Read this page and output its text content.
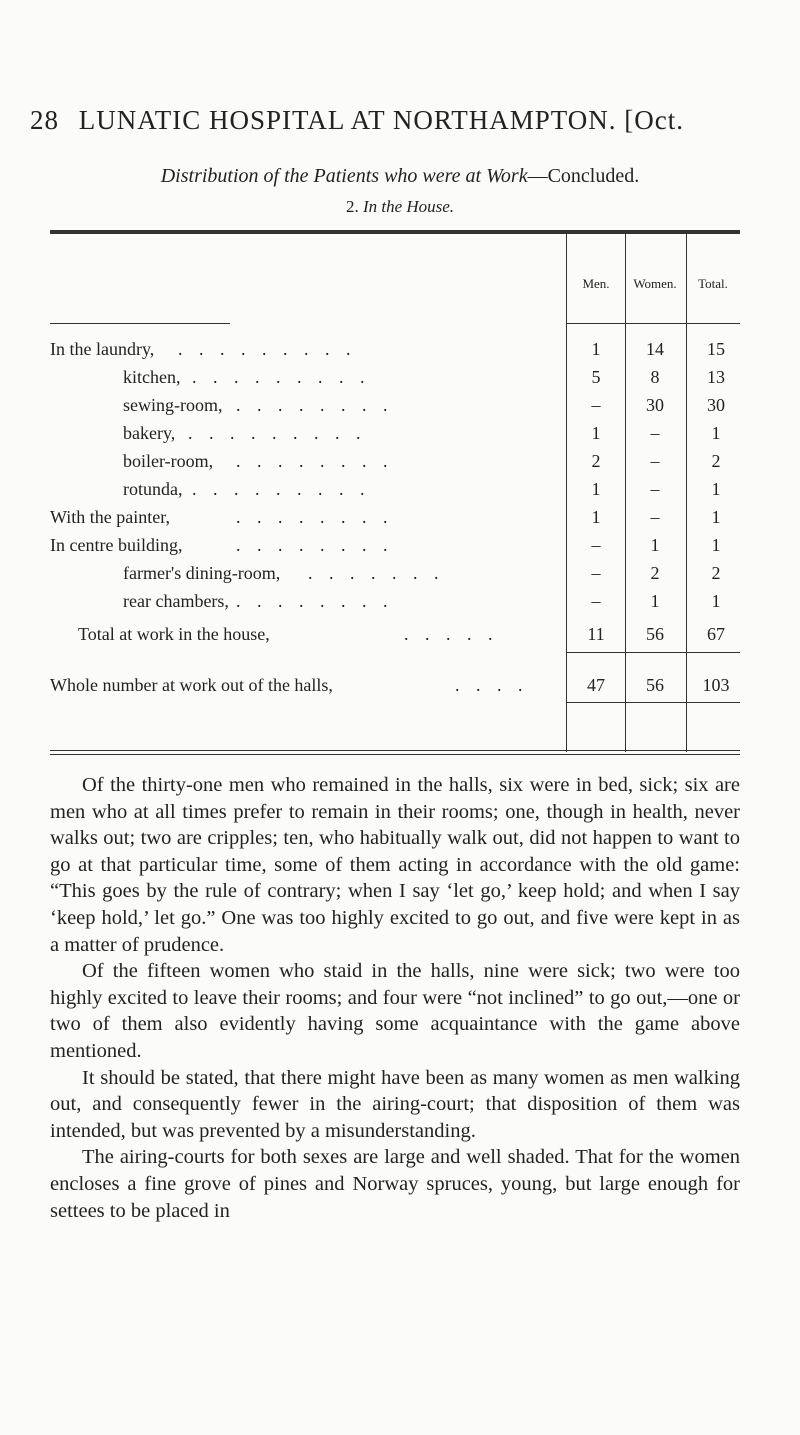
28 LUNATIC HOSPITAL AT NORTHAMPTON. [Oct.
Distribution of the Patients who were at Work—Concluded.
2. In the House.
Men.	Women.	Total.
In the laundry, . . . . . . . . .	1	14	15
kitchen, . . . . . . . . .	5	8	13
sewing-room, . . . . . . . .	–	30	30
bakery, . . . . . . . . .	1	–	1
boiler-room, . . . . . . . .	2	–	2
rotunda, . . . . . . . . .	1	–	1
With the painter,	. . . . . . . .	1	–	1
In centre building,	. . . . . . . .	–	1	1
farmer's dining-room, . . . . . . .	–	2	2
rear chambers, . . . . . . . .	–	1	1
Total at work in the house,	. . . . .	11	56	67
Whole number at work out of the halls,	. . . .	47	56	103

Of the thirty-one men who remained in the halls, six were in bed, sick; six are men who at all times prefer to remain in their rooms; one, though in health, never walks out; two are cripples; ten, who habitually walk out, did not happen to want to go at that particular time, some of them acting in accordance with the old game: “This goes by the rule of contrary; when I say ‘let go,’ keep hold; and when I say ‘keep hold,’ let go.” One was too highly excited to go out, and five were kept in as a matter of prudence.

Of the fifteen women who staid in the halls, nine were sick; two were too highly excited to leave their rooms; and four were “not inclined” to go out,—one or two of them also evidently having some acquaintance with the game above mentioned.

It should be stated, that there might have been as many women as men walking out, and consequently fewer in the airing-court; that disposition of them was intended, but was prevented by a misunderstanding.

The airing-courts for both sexes are large and well shaded. That for the women encloses a fine grove of pines and Norway spruces, young, but large enough for settees to be placed in
